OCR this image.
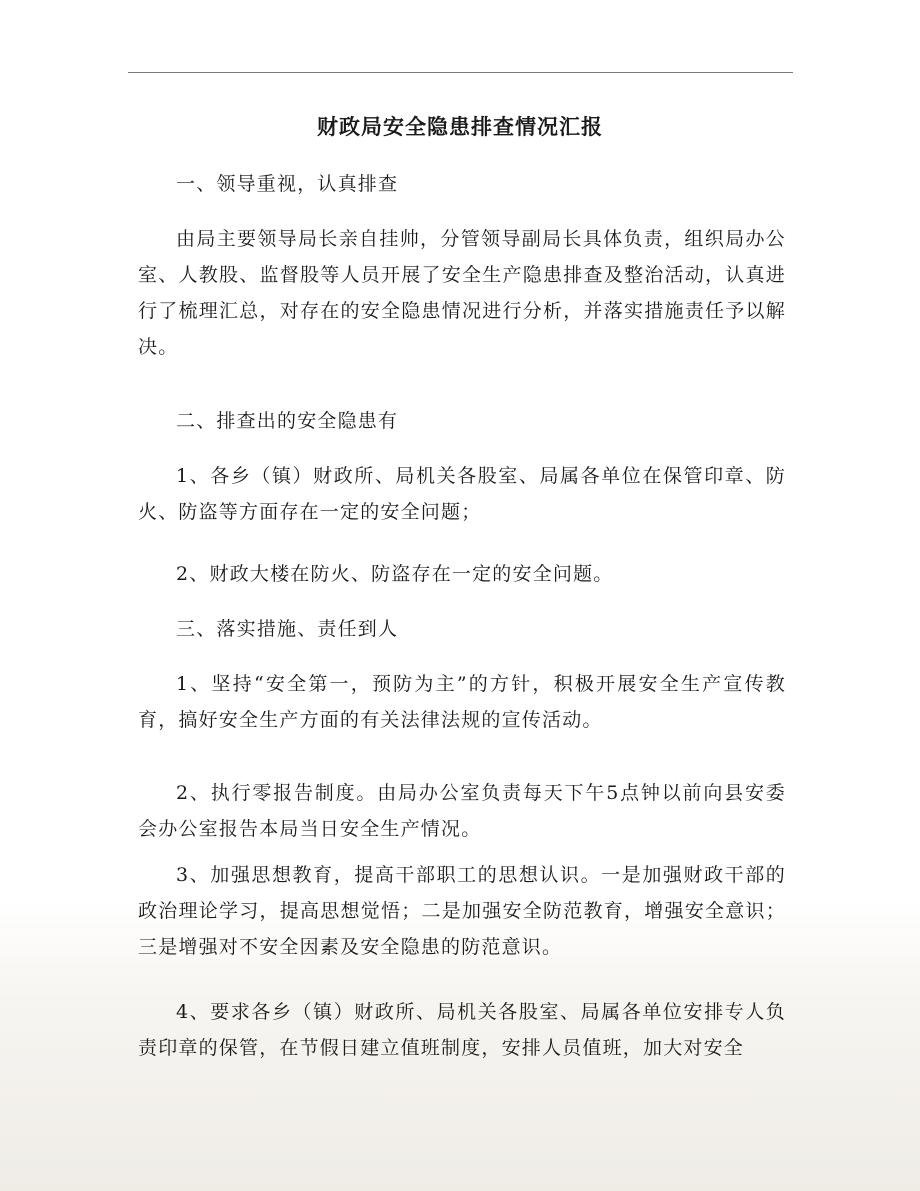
财政局安全隐患排查情况汇报

一、领导重视，认真排查

由局主要领导局长亲自挂帅，分管领导副局长具体负责，组织局办公室、人教股、监督股等人员开展了安全生产隐患排查及整治活动，认真进行了梳理汇总，对存在的安全隐患情况进行分析，并落实措施责任予以解决。

二、排查出的安全隐患有

1、各乡（镇）财政所、局机关各股室、局属各单位在保管印章、防火、防盗等方面存在一定的安全问题；

2、财政大楼在防火、防盗存在一定的安全问题。

三、落实措施、责任到人

1、坚持“安全第一，预防为主”的方针，积极开展安全生产宣传教育，搞好安全生产方面的有关法律法规的宣传活动。

2、执行零报告制度。由局办公室负责每天下午5点钟以前向县安委会办公室报告本局当日安全生产情况。

3、加强思想教育，提高干部职工的思想认识。一是加强财政干部的政治理论学习，提高思想觉悟；二是加强安全防范教育，增强安全意识；三是增强对不安全因素及安全隐患的防范意识。

4、要求各乡（镇）财政所、局机关各股室、局属各单位安排专人负责印章的保管，在节假日建立值班制度，安排人员值班，加大对安全
